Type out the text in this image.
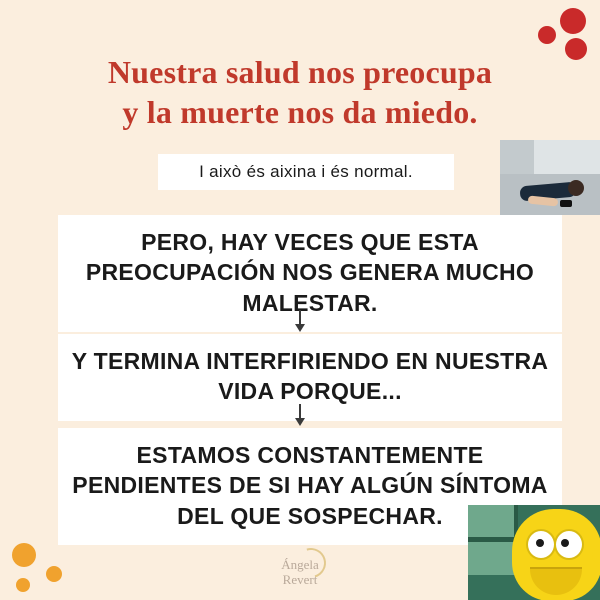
Nuestra salud nos preocupa
y la muerte nos da miedo.
I això és aixina i és normal.
PERO, HAY VECES QUE ESTA
PREOCUPACIÓN NOS GENERA MUCHO
MALESTAR.
Y TERMINA INTERFIRIENDO EN NUESTRA
VIDA PORQUE...
ESTAMOS CONSTANTEMENTE
PENDIENTES DE SI HAY ALGÚN SÍNTOMA
DEL QUE SOSPECHAR.
Ángela
Revert
